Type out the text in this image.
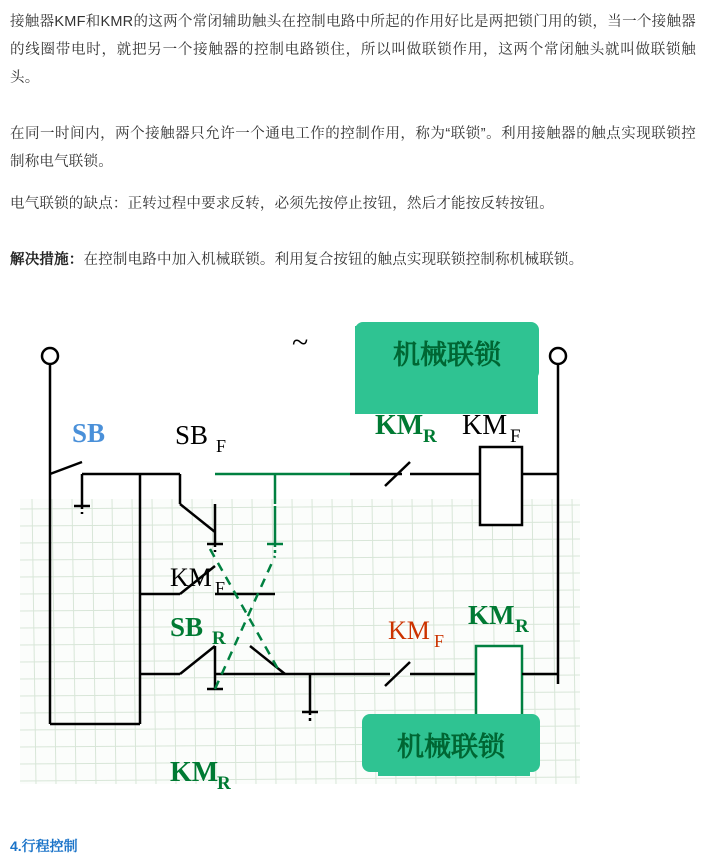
接触器KMF和KMR的这两个常闭辅助触头在控制电路中所起的作用好比是两把锁门用的锁，当一个接触器的线圈带电时，就把另一个接触器的控制电路锁住，所以叫做联锁作用，这两个常闭触头就叫做联锁触头。

在同一时间内，两个接触器只允许一个通电工作的控制作用，称为“联锁”。利用接触器的触点实现联锁控制称电气联锁。

电气联锁的缺点：正转过程中要求反转，必须先按停止按钮，然后才能按反转按钮。

解决措施：在控制电路中加入机械联锁。利用复合按钮的触点实现联锁控制称机械联锁。

~	机械联锁
机械联锁
SB	SB F
KM F
SB R
KM R KM F
KM F
KM R
KM
R
4.行程控制
